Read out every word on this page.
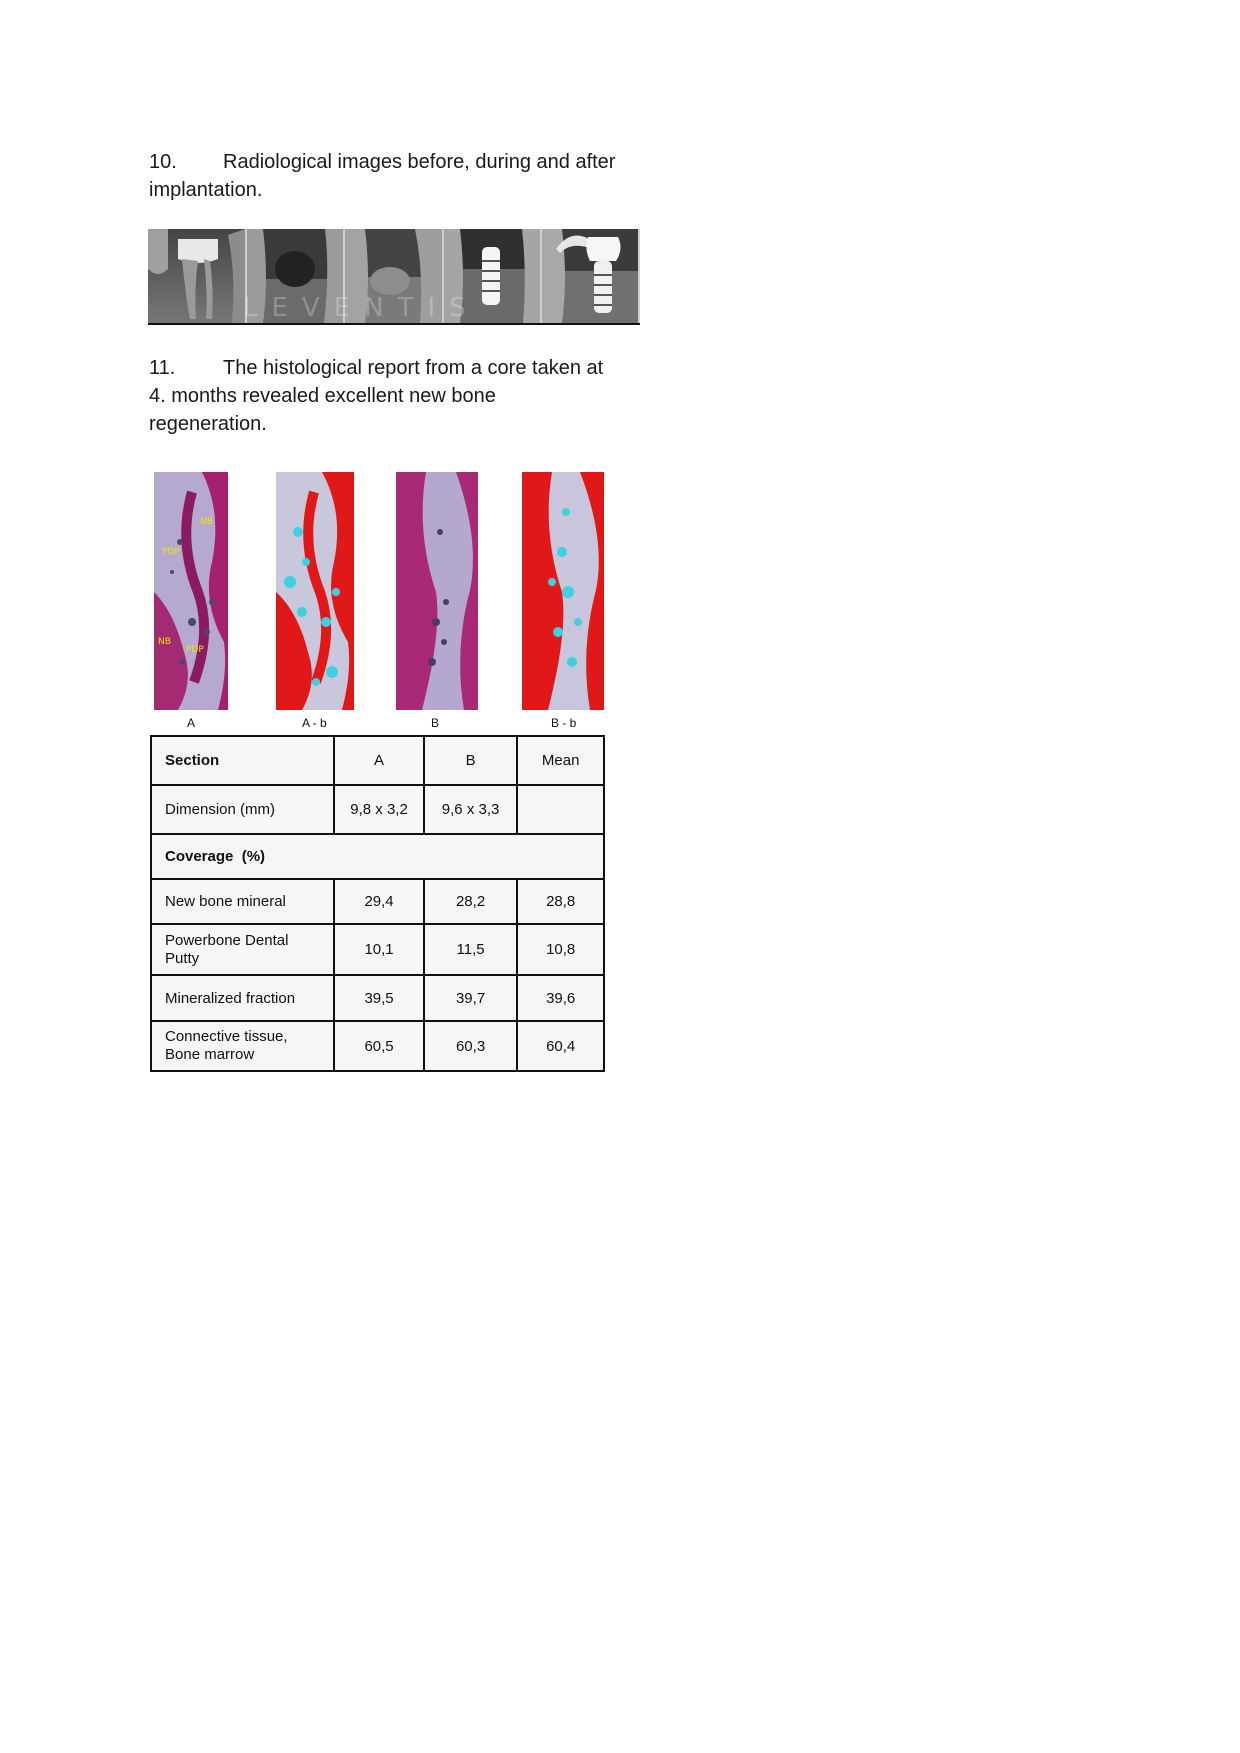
10. Radiological images before, during and after implantation.
LEVENTIS
11. The histological report from a core taken at 4. months revealed excellent new bone regeneration.
NB
PDP
NB
PDP
A	A - b	B	B - b
Section	A	B	Mean
Dimension (mm)	9,8 x 3,2	9,6 x 3,3	
Coverage  (%)			
New bone mineral	29,4	28,2	28,8
Powerbone Dental Putty	10,1	11,5	10,8
Mineralized fraction	39,5	39,7	39,6
Connective tissue, Bone marrow	60,5	60,3	60,4
